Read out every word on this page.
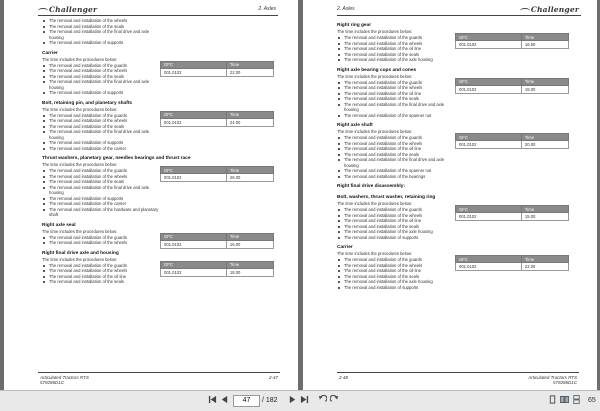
Challenger	2. Axles
The removal and installation of the wheels
The removal and installation of the seals
The removal and installation of the final drive and axle housing
The removal and installation of supports
Carrier
The time includes the procedures below:
GFC	Time
001.0102	22.00
The removal and installation of the guards
The removal and installation of the wheels
The removal and installation of the seals
The removal and installation of the final drive and axle housing
The removal and installation of supports
Bolt, retaining pin, and planetary shafts
The time includes the procedures below:
GFC	Time
001.0102	24.00
The removal and installation of the guards
The removal and installation of the wheels
The removal and installation of the seals
The removal and installation of the final drive and axle housing
The removal and installation of supports
The removal and installation of the carrier
Thrust washers, planetary gear, needles bearings and thrust race
The time includes the procedures below:
GFC	Time
001.0102	26.00
The removal and installation of the guards
The removal and installation of the wheels
The removal and installation of the seals
The removal and installation of the final drive and axle housing
The removal and installation of supports
The removal and installation of the carrier
The removal and installation of the hardware and planetary shaft
Right axle seal
The time includes the procedures below:
GFC	Time
001.0102	16.00
The removal and installation of the guards
The removal and installation of the wheels
Right final drive axle and housing
The time includes the procedures below:
GFC	Time
001.0102	18.00
The removal and installation of the guards
The removal and installation of the wheels
The removal and installation of the oil line
The removal and installation of the seals
Articulated Tractors RTS
579286D1C
2-47
2. Axles	Challenger
Right ring gear
The time includes the procedures below:
GFC	Time
001.0102	16.50
The removal and installation of the guards
The removal and installation of the wheels
The removal and installation of the oil line
The removal and installation of the seals
The removal and installation of the axle housing
Right axle bearing cups and cones
The time includes the procedures below:
GFC	Time
001.0102	18.00
The removal and installation of the guards
The removal and installation of the wheels
The removal and installation of the oil line
The removal and installation of the seals
The removal and installation of the final drive and axle housing
The removal and installation of the spanner nut
Right axle shaft
The time includes the procedures below:
GFC	Time
001.0102	20.00
The removal and installation of the guards
The removal and installation of the wheels
The removal and installation of the oil line
The removal and installation of the seals
The removal and installation of the final drive and axle housing
The removal and installation of the spanner nut
The removal and installation of the bearings
Right final drive disassembly:
Bolt, washers, thrust washer, retaining ring
The time includes the procedures below:
GFC	Time
001.0102	15.00
The removal and installation of the guards
The removal and installation of the wheels
The removal and installation of the oil line
The removal and installation of the seals
The removal and installation of the axle housing
The removal and installation of supports
Carrier
The time includes the procedures below:
GFC	Time
001.0102	22.00
The removal and installation of the guards
The removal and installation of the wheels
The removal and installation of the oil line
The removal and installation of the seals
The removal and installation of the axle housing
The removal and installation of supports
2-48	Articulated Tractors RTS
579286D1C
47	/ 182	65
